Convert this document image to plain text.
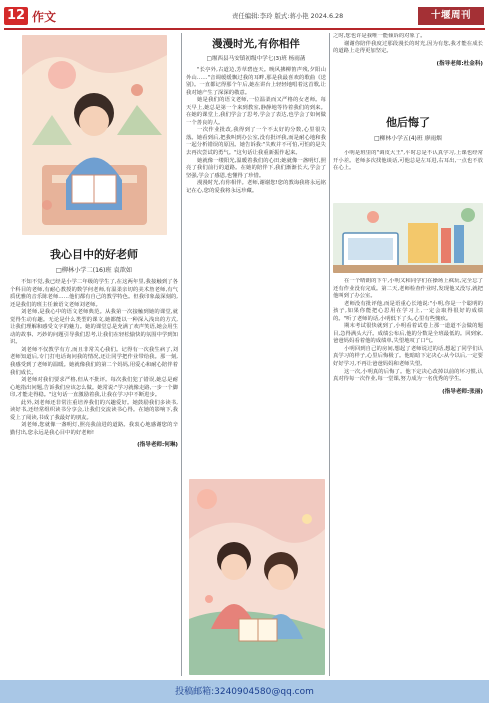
12 作文	责任编辑:李玲 版式:蒋小艳 2024.6.28	十堰周刊
我心目中的好老师
□柳林小学二(16)班 袁歆如

不知不觉,我已经是小学二年级的学生了,在这两年里,我接触到了各个科目的老师,有耐心教授的数学何老师,有温柔亲切的美术詹老师,有气质优雅的音乐陈老师……他们都有自己的教学特色。但我印象最深刻的,还是我们的班主任兼语文老师刘老师。

刘老师,是我心中的语文老师典范。从我第一次接触到她的课堂,就觉得生动有趣。无论是什么类型的课文,她都能以一种深入浅出的方式,让我们理解和感受文字的魅力。她的课堂总是充满了欢声笑语,她会用生动的故事、巧妙的问题引导我们思考,让我们在轻松愉快的氛围中学到知识。

刘老师不仅教学有方,而且非常关心我们。记得有一次我生病了,刘老师知道后,专门打电话询问我的情况,还让同学把作业带给我。那一刻,我感受到了老师的温暖。她就像我们的第二个妈妈,用爱心和耐心陪伴着我们成长。

刘老师对我们要求严格,但从不批评。每次我们犯了错误,她总是耐心地指出问题,告诉我们应该怎么做。她常说:"学习就像走路,一步一个脚印,才能走得稳。"这句话一直激励着我,让我在学习中不断进步。

此外,刘老师还非常注重培养我们的兴趣爱好。她鼓励我们多读书,读好书,还经常组织读书分享会,让我们交流读书心得。在她的影响下,我爱上了阅读,书成了我最好的朋友。

刘老师,您就像一盏明灯,照亮我前进的道路。我衷心地感谢您的辛勤付出,您永远是我心目中的好老师!

(指导老师:何琳)
漫漫时光,有你相伴
□堰西县马安镇初级中学七(3)班 杨雨菡

"长亭外,古道边,芳草碧连天。晚风拂柳笛声残,夕阳山外山……"音调缓缓飘过我的耳畔,那是我最喜欢的歌曲《送别》。一直都记得那个午后,她在讲台上轻轻地唱着这首歌,让我对她产生了深深的敬意。

她是我们的语文老师,一位温柔而又严格的女老师。每天早上,她总是第一个来到教室,静静地等待着我们的到来。在她的课堂上,我们学会了思考,学会了表达,也学会了如何做一个善良的人。

一次作业批改,我得到了一个不太好的分数,心里很失落。她看到后,把我叫到办公室,没有批评我,而是耐心地和我一起分析错误的原因。她告诉我:"失败并不可怕,可怕的是失去再次尝试的勇气。"这句话让我重新振作起来。

她就像一缕阳光,温暖着我们的心田;她就像一盏明灯,照亮了我们前行的道路。在她的陪伴下,我们渐渐长大,学会了坚强,学会了感恩,也懂得了珍惜。

漫漫时光,有你相伴。老师,谢谢您!您的教诲我将永远铭记在心,您的爱我将永远珍藏。

之时,您也许是我唯一能倾诉的对象了。

谢谢你陪伴我度过那段漫长的时光,因为有您,我才能在成长的道路上走得更加坚定。

(指导老师:杜金科)
他后悔了
□柳林小学五(4)班 廖雨烟

小明是班里的"调皮大王",平时总是不认真学习,上课也经常开小差。老师多次找他谈话,可他总是左耳进,右耳出,一点也不放在心上。

在一个晴朗的下午,小明又和同学们在操场上疯玩,完全忘了还有作业没有完成。第二天,老师检查作业时,发现他又没写,就把他叫到了办公室。

老师没有批评他,而是语重心长地说:"小明,你是一个聪明的孩子,如果你能把心思用在学习上,一定会取得很好的成绩的。"听了老师的话,小明低下了头,心里有些愧疚。

期末考试很快就到了,小明看着试卷上那一道道不会做的题目,急得满头大汗。成绩公布后,他的分数是全班最低的。回到家,爸爸妈妈看着他的成绩单,失望地叹了口气。

小明回到自己的房间,想起了老师说过的话,想起了同学们认真学习的样子,心里后悔极了。他暗暗下定决心:从今以后,一定要好好学习,不再让爸爸妈妈和老师失望。

这一次,小明真的后悔了。他下定决心改掉以前的坏习惯,认真对待每一次作业,每一堂课,努力成为一名优秀的学生。

(指导老师:张丽)
投稿邮箱:3240904580@qq.com
